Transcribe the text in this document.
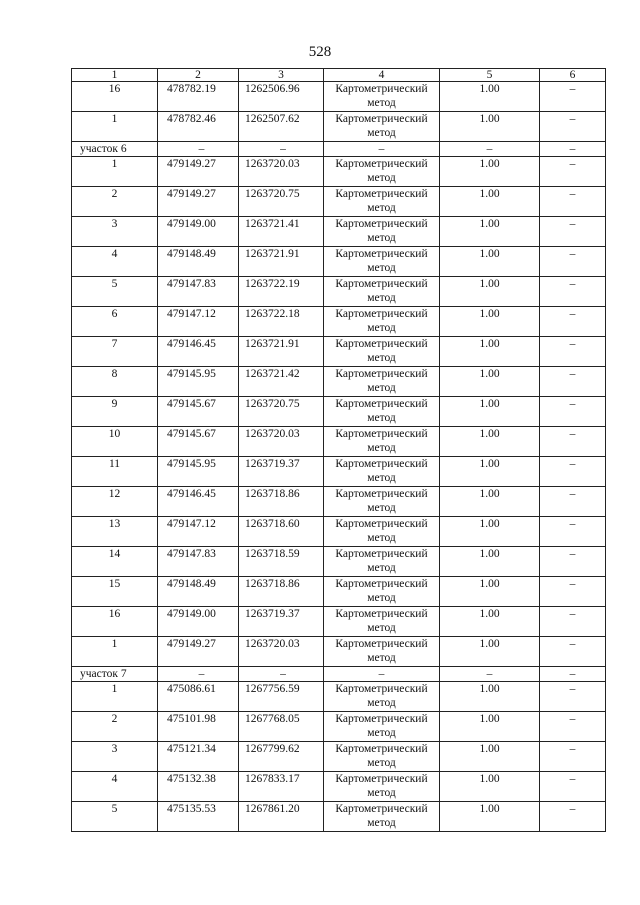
528
1	2	3	4	5	6
16	478782.19	1262506.96	Картометрический метод	1.00	–
1	478782.46	1262507.62	Картометрический метод	1.00	–
участок 6	–	–	–	–	–
1	479149.27	1263720.03	Картометрический метод	1.00	–
2	479149.27	1263720.75	Картометрический метод	1.00	–
3	479149.00	1263721.41	Картометрический метод	1.00	–
4	479148.49	1263721.91	Картометрический метод	1.00	–
5	479147.83	1263722.19	Картометрический метод	1.00	–
6	479147.12	1263722.18	Картометрический метод	1.00	–
7	479146.45	1263721.91	Картометрический метод	1.00	–
8	479145.95	1263721.42	Картометрический метод	1.00	–
9	479145.67	1263720.75	Картометрический метод	1.00	–
10	479145.67	1263720.03	Картометрический метод	1.00	–
11	479145.95	1263719.37	Картометрический метод	1.00	–
12	479146.45	1263718.86	Картометрический метод	1.00	–
13	479147.12	1263718.60	Картометрический метод	1.00	–
14	479147.83	1263718.59	Картометрический метод	1.00	–
15	479148.49	1263718.86	Картометрический метод	1.00	–
16	479149.00	1263719.37	Картометрический метод	1.00	–
1	479149.27	1263720.03	Картометрический метод	1.00	–
участок 7	–	–	–	–	–
1	475086.61	1267756.59	Картометрический метод	1.00	–
2	475101.98	1267768.05	Картометрический метод	1.00	–
3	475121.34	1267799.62	Картометрический метод	1.00	–
4	475132.38	1267833.17	Картометрический метод	1.00	–
5	475135.53	1267861.20	Картометрический метод	1.00	–
